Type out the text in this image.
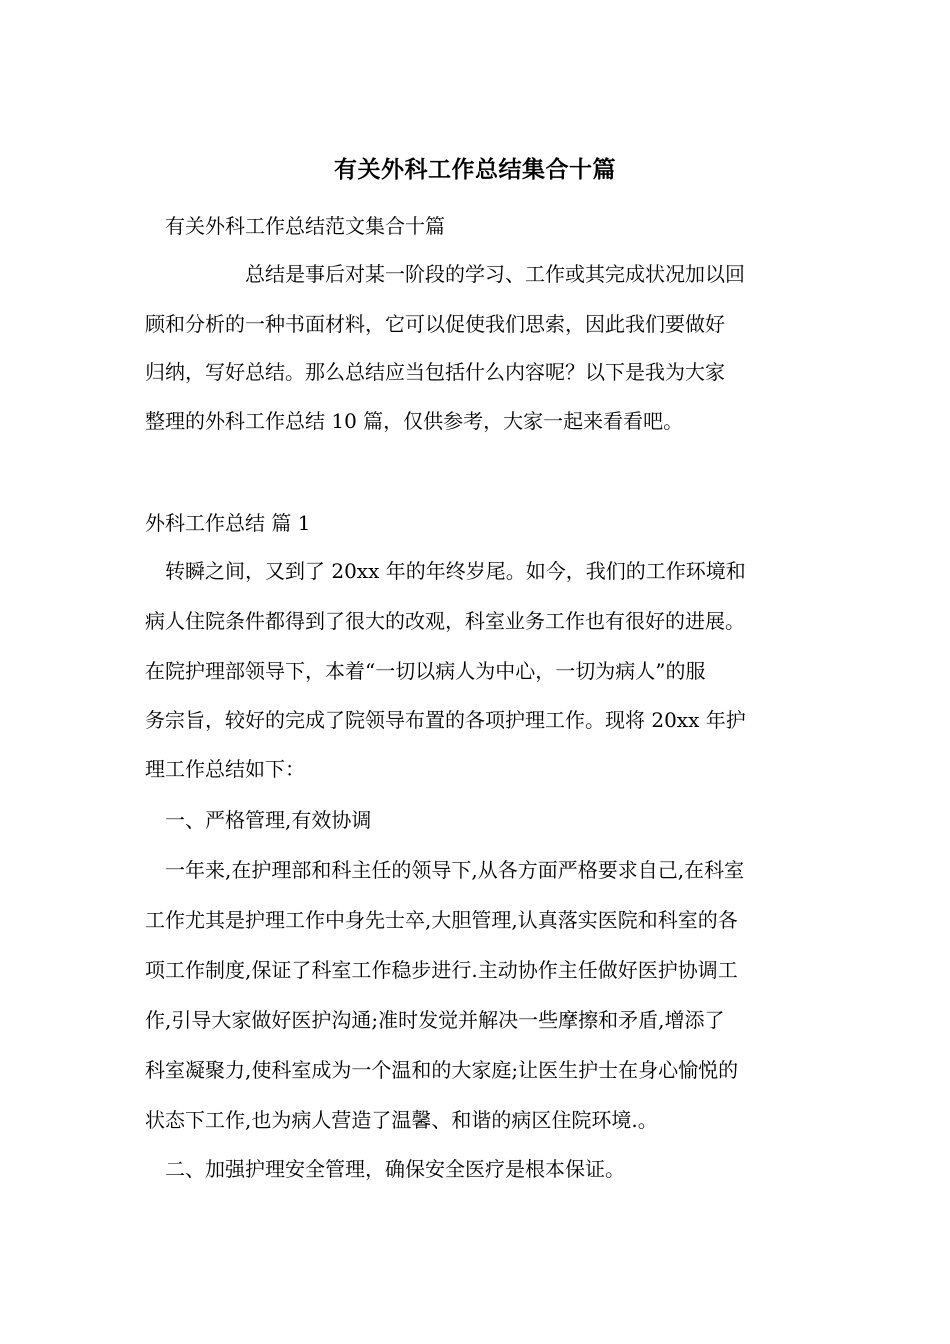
有关外科工作总结集合十篇
有关外科工作总结范文集合十篇
总结是事后对某一阶段的学习、工作或其完成状况加以回
顾和分析的一种书面材料，它可以促使我们思索，因此我们要做好
归纳，写好总结。那么总结应当包括什么内容呢？以下是我为大家
整理的外科工作总结 10 篇，仅供参考，大家一起来看看吧。
外科工作总结 篇 1
转瞬之间，又到了 20xx 年的年终岁尾。如今，我们的工作环境和
病人住院条件都得到了很大的改观，科室业务工作也有很好的进展。
在院护理部领导下，本着“一切以病人为中心，一切为病人”的服
务宗旨，较好的完成了院领导布置的各项护理工作。现将 20xx 年护
理工作总结如下：
一、严格管理,有效协调
一年来,在护理部和科主任的领导下,从各方面严格要求自己,在科室
工作尤其是护理工作中身先士卒,大胆管理,认真落实医院和科室的各
项工作制度,保证了科室工作稳步进行.主动协作主任做好医护协调工
作,引导大家做好医护沟通;准时发觉并解决一些摩擦和矛盾,增添了
科室凝聚力,使科室成为一个温和的大家庭;让医生护士在身心愉悦的
状态下工作,也为病人营造了温馨、和谐的病区住院环境.。
二、加强护理安全管理，确保安全医疗是根本保证。
